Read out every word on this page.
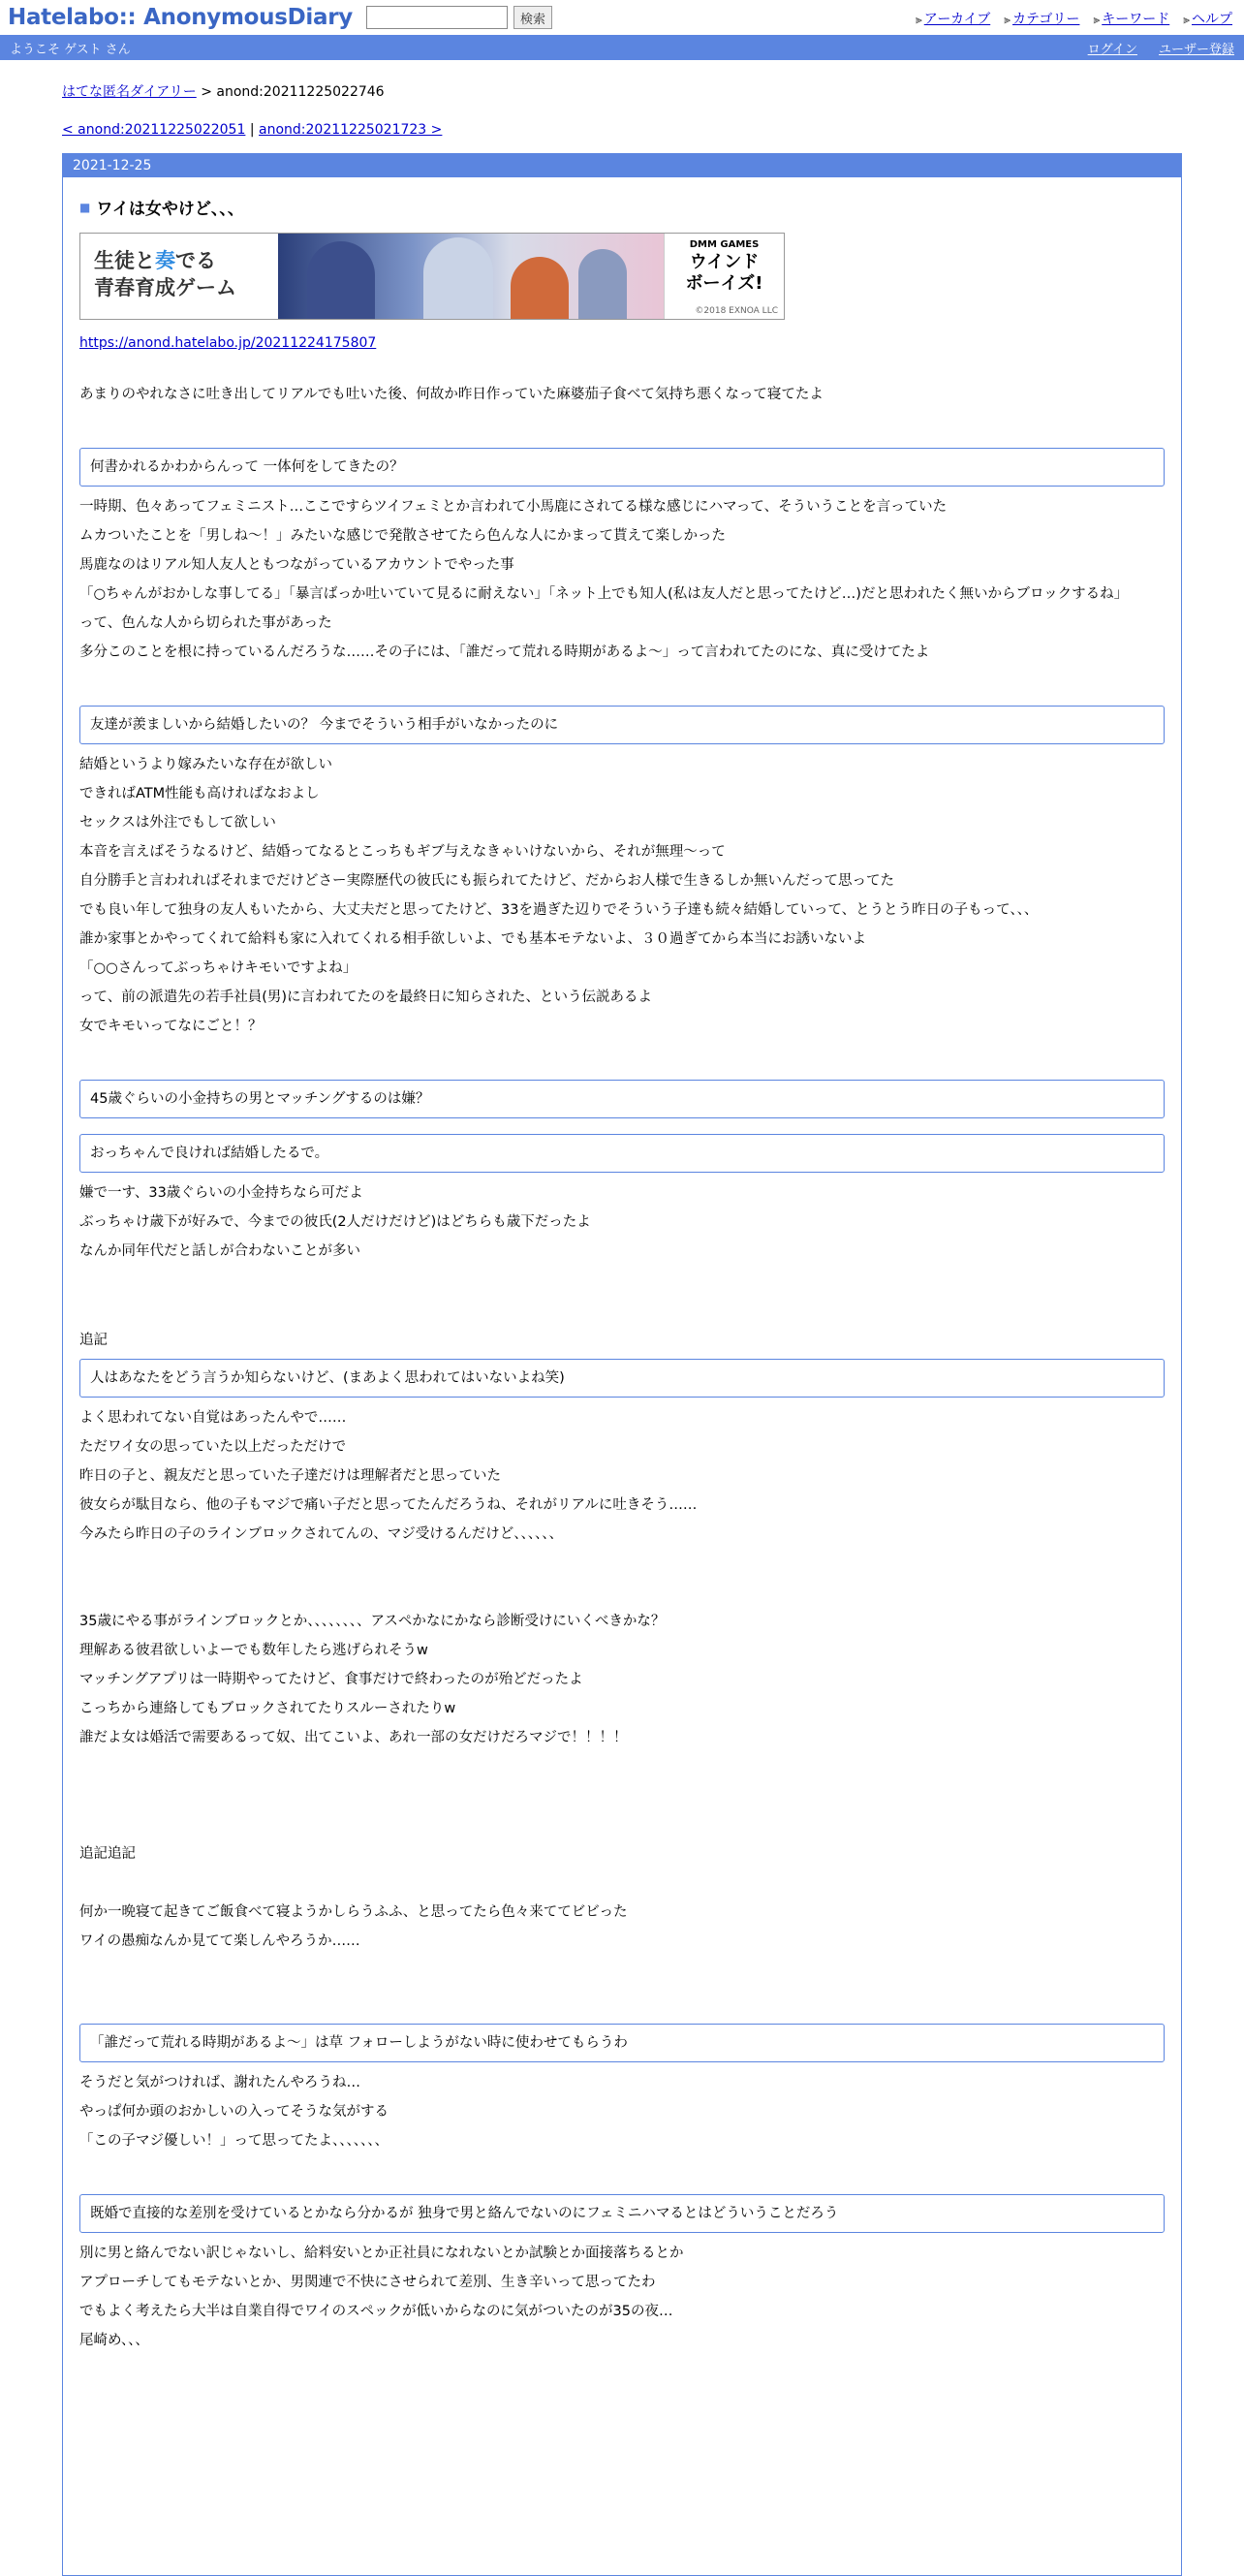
Hatelabo:: AnonymousDiary	検索	⫸ アーカイブ ⫸ カテゴリー ⫸ キーワード ⫸ ヘルプ
ようこそ ゲスト さん	ログイン ユーザー登録
はてな匿名ダイアリー > anond:20211225022746
< anond:20211225022051 | anond:20211225021723 >
2021-12-25
■ ワイは女やけど、、、
生徒と奏でる
青春育成ゲーム
DMM GAMES
ウインド
ボーイズ!
©2018 EXNOA LLC
https://anond.hatelabo.jp/20211224175807

あまりのやれなさに吐き出してリアルでも吐いた後、何故か昨日作っていた麻婆茄子食べて気持ち悪くなって寝てたよ

何書かれるかわからんって 一体何をしてきたの？

一時期、色々あってフェミニスト…ここですらツイフェミとか言われて小馬鹿にされてる様な感じにハマって、そういうことを言っていた

ムカついたことを「男しね～！」みたいな感じで発散させてたら色んな人にかまって貰えて楽しかった

馬鹿なのはリアル知人友人ともつながっているアカウントでやった事

「○ちゃんがおかしな事してる」「暴言ばっか吐いていて見るに耐えない」「ネット上でも知人(私は友人だと思ってたけど…)だと思われたく無いからブロックするね」

って、色んな人から切られた事があった

多分このことを根に持っているんだろうな……その子には、「誰だって荒れる時期があるよ～」って言われてたのにな、真に受けてたよ

友達が羨ましいから結婚したいの？ 今までそういう相手がいなかったのに

結婚というより嫁みたいな存在が欲しい

できればATM性能も高ければなおよし

セックスは外注でもして欲しい

本音を言えばそうなるけど、結婚ってなるとこっちもギブ与えなきゃいけないから、それが無理～って

自分勝手と言われればそれまでだけどさー実際歴代の彼氏にも振られてたけど、だからお人様で生きるしか無いんだって思ってた

でも良い年して独身の友人もいたから、大丈夫だと思ってたけど、33を過ぎた辺りでそういう子達も続々結婚していって、とうとう昨日の子もって、、、

誰か家事とかやってくれて給料も家に入れてくれる相手欲しいよ、でも基本モテないよ、３０過ぎてから本当にお誘いないよ

「○○さんってぶっちゃけキモいですよね」

って、前の派遣先の若手社員(男)に言われてたのを最終日に知らされた、という伝説あるよ

女でキモいってなにごと！？

45歳ぐらいの小金持ちの男とマッチングするのは嫌？
おっちゃんで良ければ結婚したるで。

嫌で一す、33歳ぐらいの小金持ちなら可だよ

ぶっちゃけ歳下が好みで、今までの彼氏(2人だけだけど)はどちらも歳下だったよ

なんか同年代だと話しが合わないことが多い

追記

人はあなたをどう言うか知らないけど、(まあよく思われてはいないよね笑)

よく思われてない自覚はあったんやで……

ただワイ女の思っていた以上だっただけで

昨日の子と、親友だと思っていた子達だけは理解者だと思っていた

彼女らが駄目なら、他の子もマジで痛い子だと思ってたんだろうね、それがリアルに吐きそう……

今みたら昨日の子のラインブロックされてんの、マジ受けるんだけど、、、、、、

35歳にやる事がラインブロックとか、、、、、、、、アスペかなにかなら診断受けにいくべきかな？

理解ある彼君欲しいよーでも数年したら逃げられそうw

マッチングアプリは一時期やってたけど、食事だけで終わったのが殆どだったよ

こっちから連絡してもブロックされてたりスルーされたりw

誰だよ女は婚活で需要あるって奴、出てこいよ、あれ一部の女だけだろマジで！！！！

追記追記

何か一晩寝て起きてご飯食べて寝ようかしらうふふ、と思ってたら色々来ててビビった

ワイの愚痴なんか見てて楽しんやろうか……

「誰だって荒れる時期があるよ～」は草 フォローしようがない時に使わせてもらうわ

そうだと気がつければ、謝れたんやろうね…

やっぱ何か頭のおかしいの入ってそうな気がする

「この子マジ優しい！」って思ってたよ、、、、、、、

既婚で直接的な差別を受けているとかなら分かるが 独身で男と絡んでないのにフェミニハマるとはどういうことだろう

別に男と絡んでない訳じゃないし、給料安いとか正社員になれないとか試験とか面接落ちるとか

アプローチしてもモテないとか、男関連で不快にさせられて差別、生き辛いって思ってたわ

でもよく考えたら大半は自業自得でワイのスペックが低いからなのに気がついたのが35の夜…

尾崎め、、、
